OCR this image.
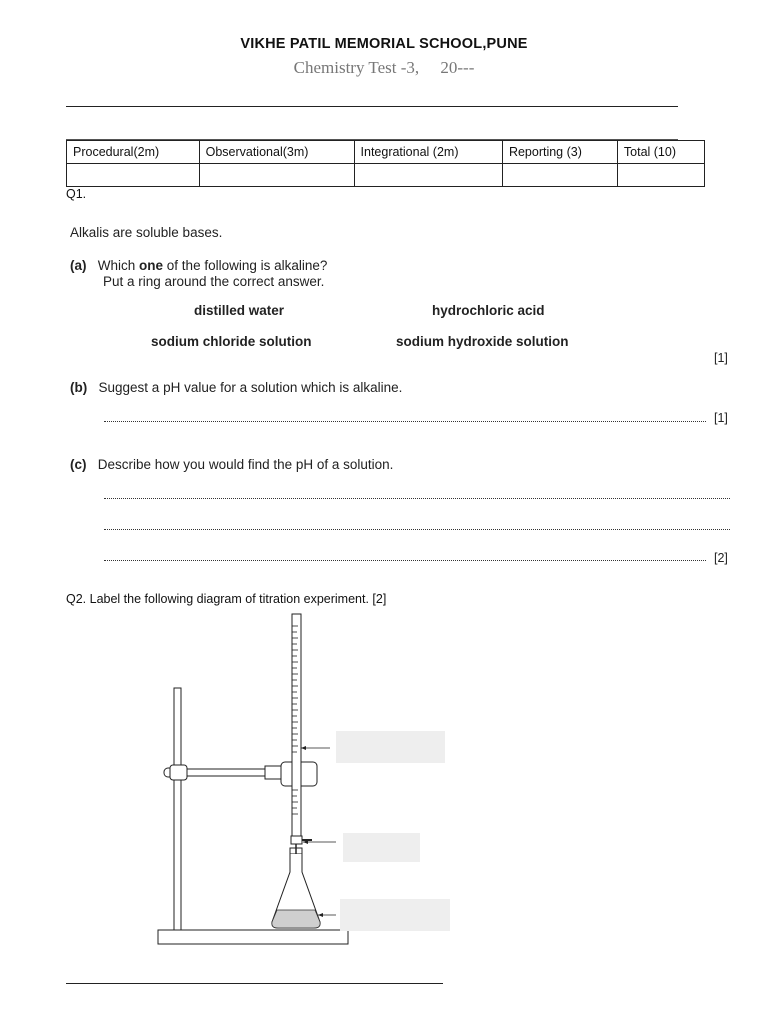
VIKHE PATIL MEMORIAL SCHOOL,PUNE
Chemistry Test -3,     20---
Procedural(2m)	Observational(3m)	Integrational (2m)	Reporting (3)	Total (10)

Q1.
Alkalis are soluble bases.
(a) Which one of the following is alkaline?
Put a ring around the correct answer.
distilled water	hydrochloric acid
sodium chloride solution	sodium hydroxide solution
[1]
(b) Suggest a pH value for a solution which is alkaline.
[1]
(c) Describe how you would find the pH of a solution.
[2]
Q2. Label the following diagram of titration experiment. [2]
